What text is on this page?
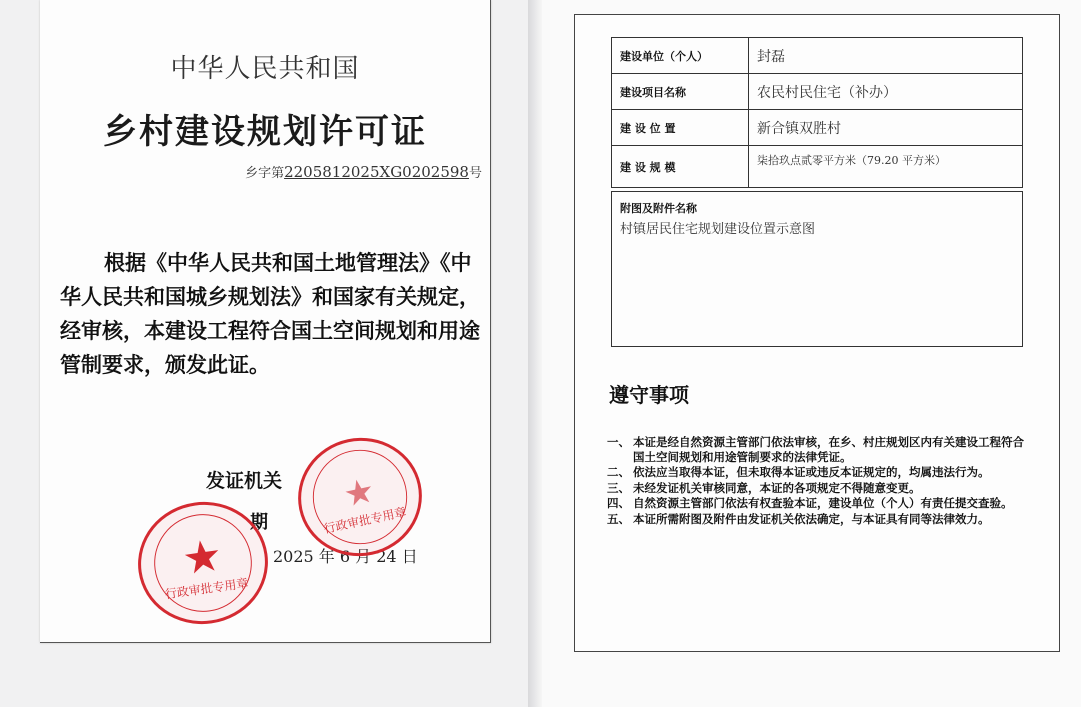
中华人民共和国
乡村建设规划许可证
乡字第2205812025XG0202598号
根据《中华人民共和国土地管理法》《中华人民共和国城乡规划法》和国家有关规定，经审核，本建设工程符合国土空间规划和用途管制要求，颁发此证。
发证机关
期
2025 年 6 月 24 日
★
行政审批专用章
★
行政审批专用章
建设单位（个人）	封磊
建设项目名称	农民村民住宅（补办）
建 设 位 置	新合镇双胜村
建 设 规 模	柒拾玖点贰零平方米（79.20 平方米）
附图及附件名称
村镇居民住宅规划建设位置示意图
遵守事项
一、 本证是经自然资源主管部门依法审核，在乡、村庄规划区内有关建设工程符合国土空间规划和用途管制要求的法律凭证。
二、 依法应当取得本证，但未取得本证或违反本证规定的，均属违法行为。
三、 未经发证机关审核同意，本证的各项规定不得随意变更。
四、 自然资源主管部门依法有权查验本证，建设单位（个人）有责任提交查验。
五、 本证所需附图及附件由发证机关依法确定，与本证具有同等法律效力。
